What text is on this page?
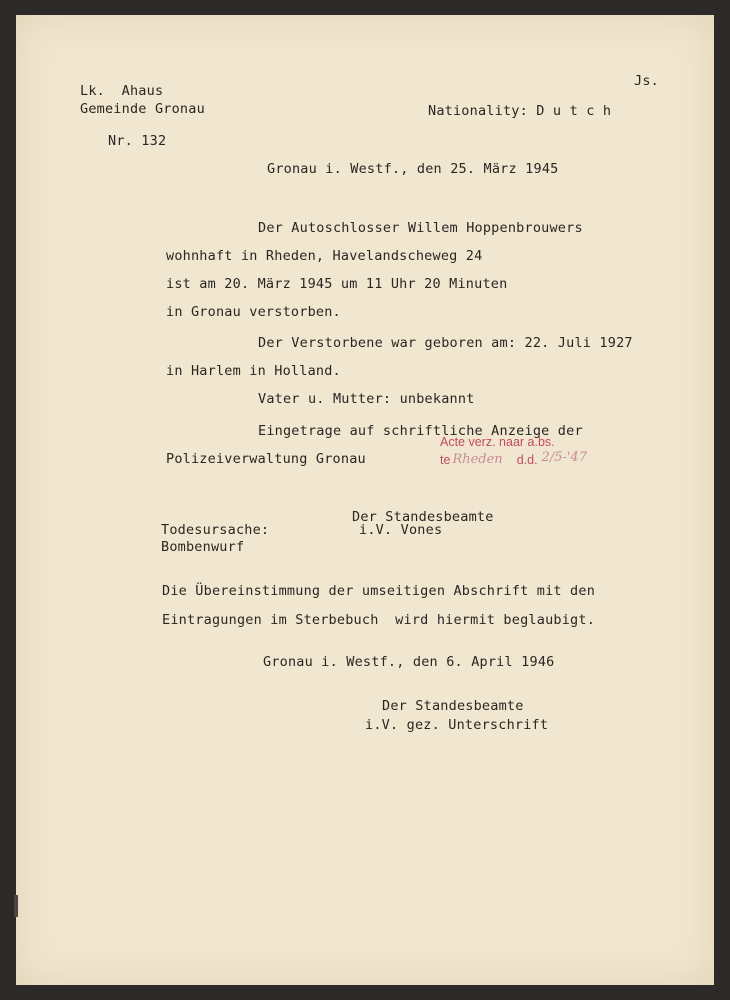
Lk.  Ahaus
Gemeinde Gronau
Js.
Nationality: D u t c h
Nr. 132
Gronau i. Westf., den 25. März 1945
Der Autoschlosser Willem Hoppenbrouwers
wohnhaft in Rheden, Havelandscheweg 24
ist am 20. März 1945 um 11 Uhr 20 Minuten
in Gronau verstorben.
Der Verstorbene war geboren am: 22. Juli 1927
in Harlem in Holland.
Vater u. Mutter: unbekannt
Eingetrage auf schriftliche Anzeige der
Polizeiverwaltung Gronau
Acte verz. naar a.bs.
te Rheden d.d. 2/5-'47
Der Standesbeamte
Todesursache:	i.V. Vones
Bombenwurf
Die Übereinstimmung der umseitigen Abschrift mit den
Eintragungen im Sterbebuch  wird hiermit beglaubigt.
Gronau i. Westf., den 6. April 1946
Der Standesbeamte
i.V. gez. Unterschrift
